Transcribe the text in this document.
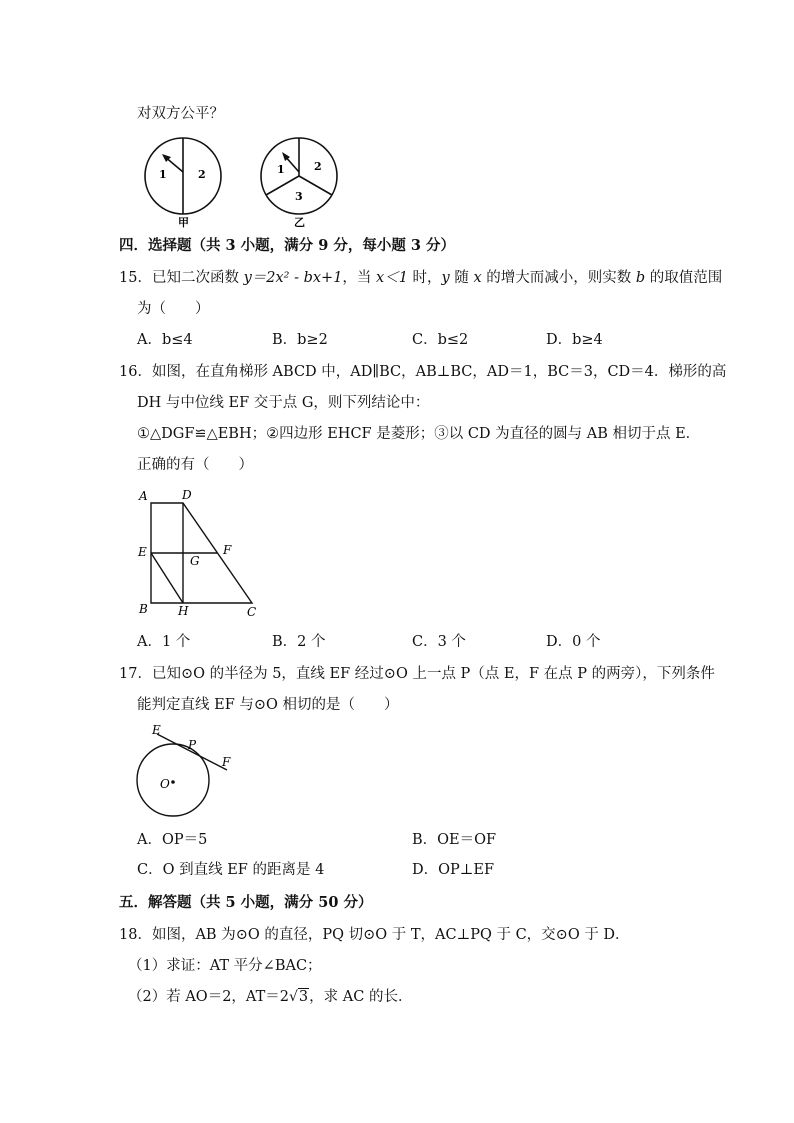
对双方公平？
1	2
甲
1	2
3
乙
四．选择题（共 3 小题，满分 9 分，每小题 3 分）
15．已知二次函数 y＝2x² - bx+1，当 x＜1 时，y 随 x 的增大而减小，则实数 b 的取值范围
为（　　）
A．b≤4	B．b≥2	C．b≤2	D．b≥4
16．如图，在直角梯形 ABCD 中，AD∥BC，AB⊥BC，AD＝1，BC＝3，CD＝4．梯形的高
DH 与中位线 EF 交于点 G，则下列结论中：
①△DGF≌△EBH；②四边形 EHCF 是菱形；③以 CD 为直径的圆与 AB 相切于点 E．
正确的有（　　）
A	D
E
G
F
B	H	C
A．1 个	B．2 个	C．3 个	D．0 个
17．已知⊙O 的半径为 5，直线 EF 经过⊙O 上一点 P（点 E，F 在点 P 的两旁），下列条件
能判定直线 EF 与⊙O 相切的是（　　）
E
P
F
O
A．OP＝5	B．OE＝OF
C．O 到直线 EF 的距离是 4	D．OP⊥EF
五．解答题（共 5 小题，满分 50 分）
18．如图，AB 为⊙O 的直径，PQ 切⊙O 于 T，AC⊥PQ 于 C，交⊙O 于 D．
（1）求证：AT 平分∠BAC；
（2）若 AO＝2，AT＝2√3，求 AC 的长．
